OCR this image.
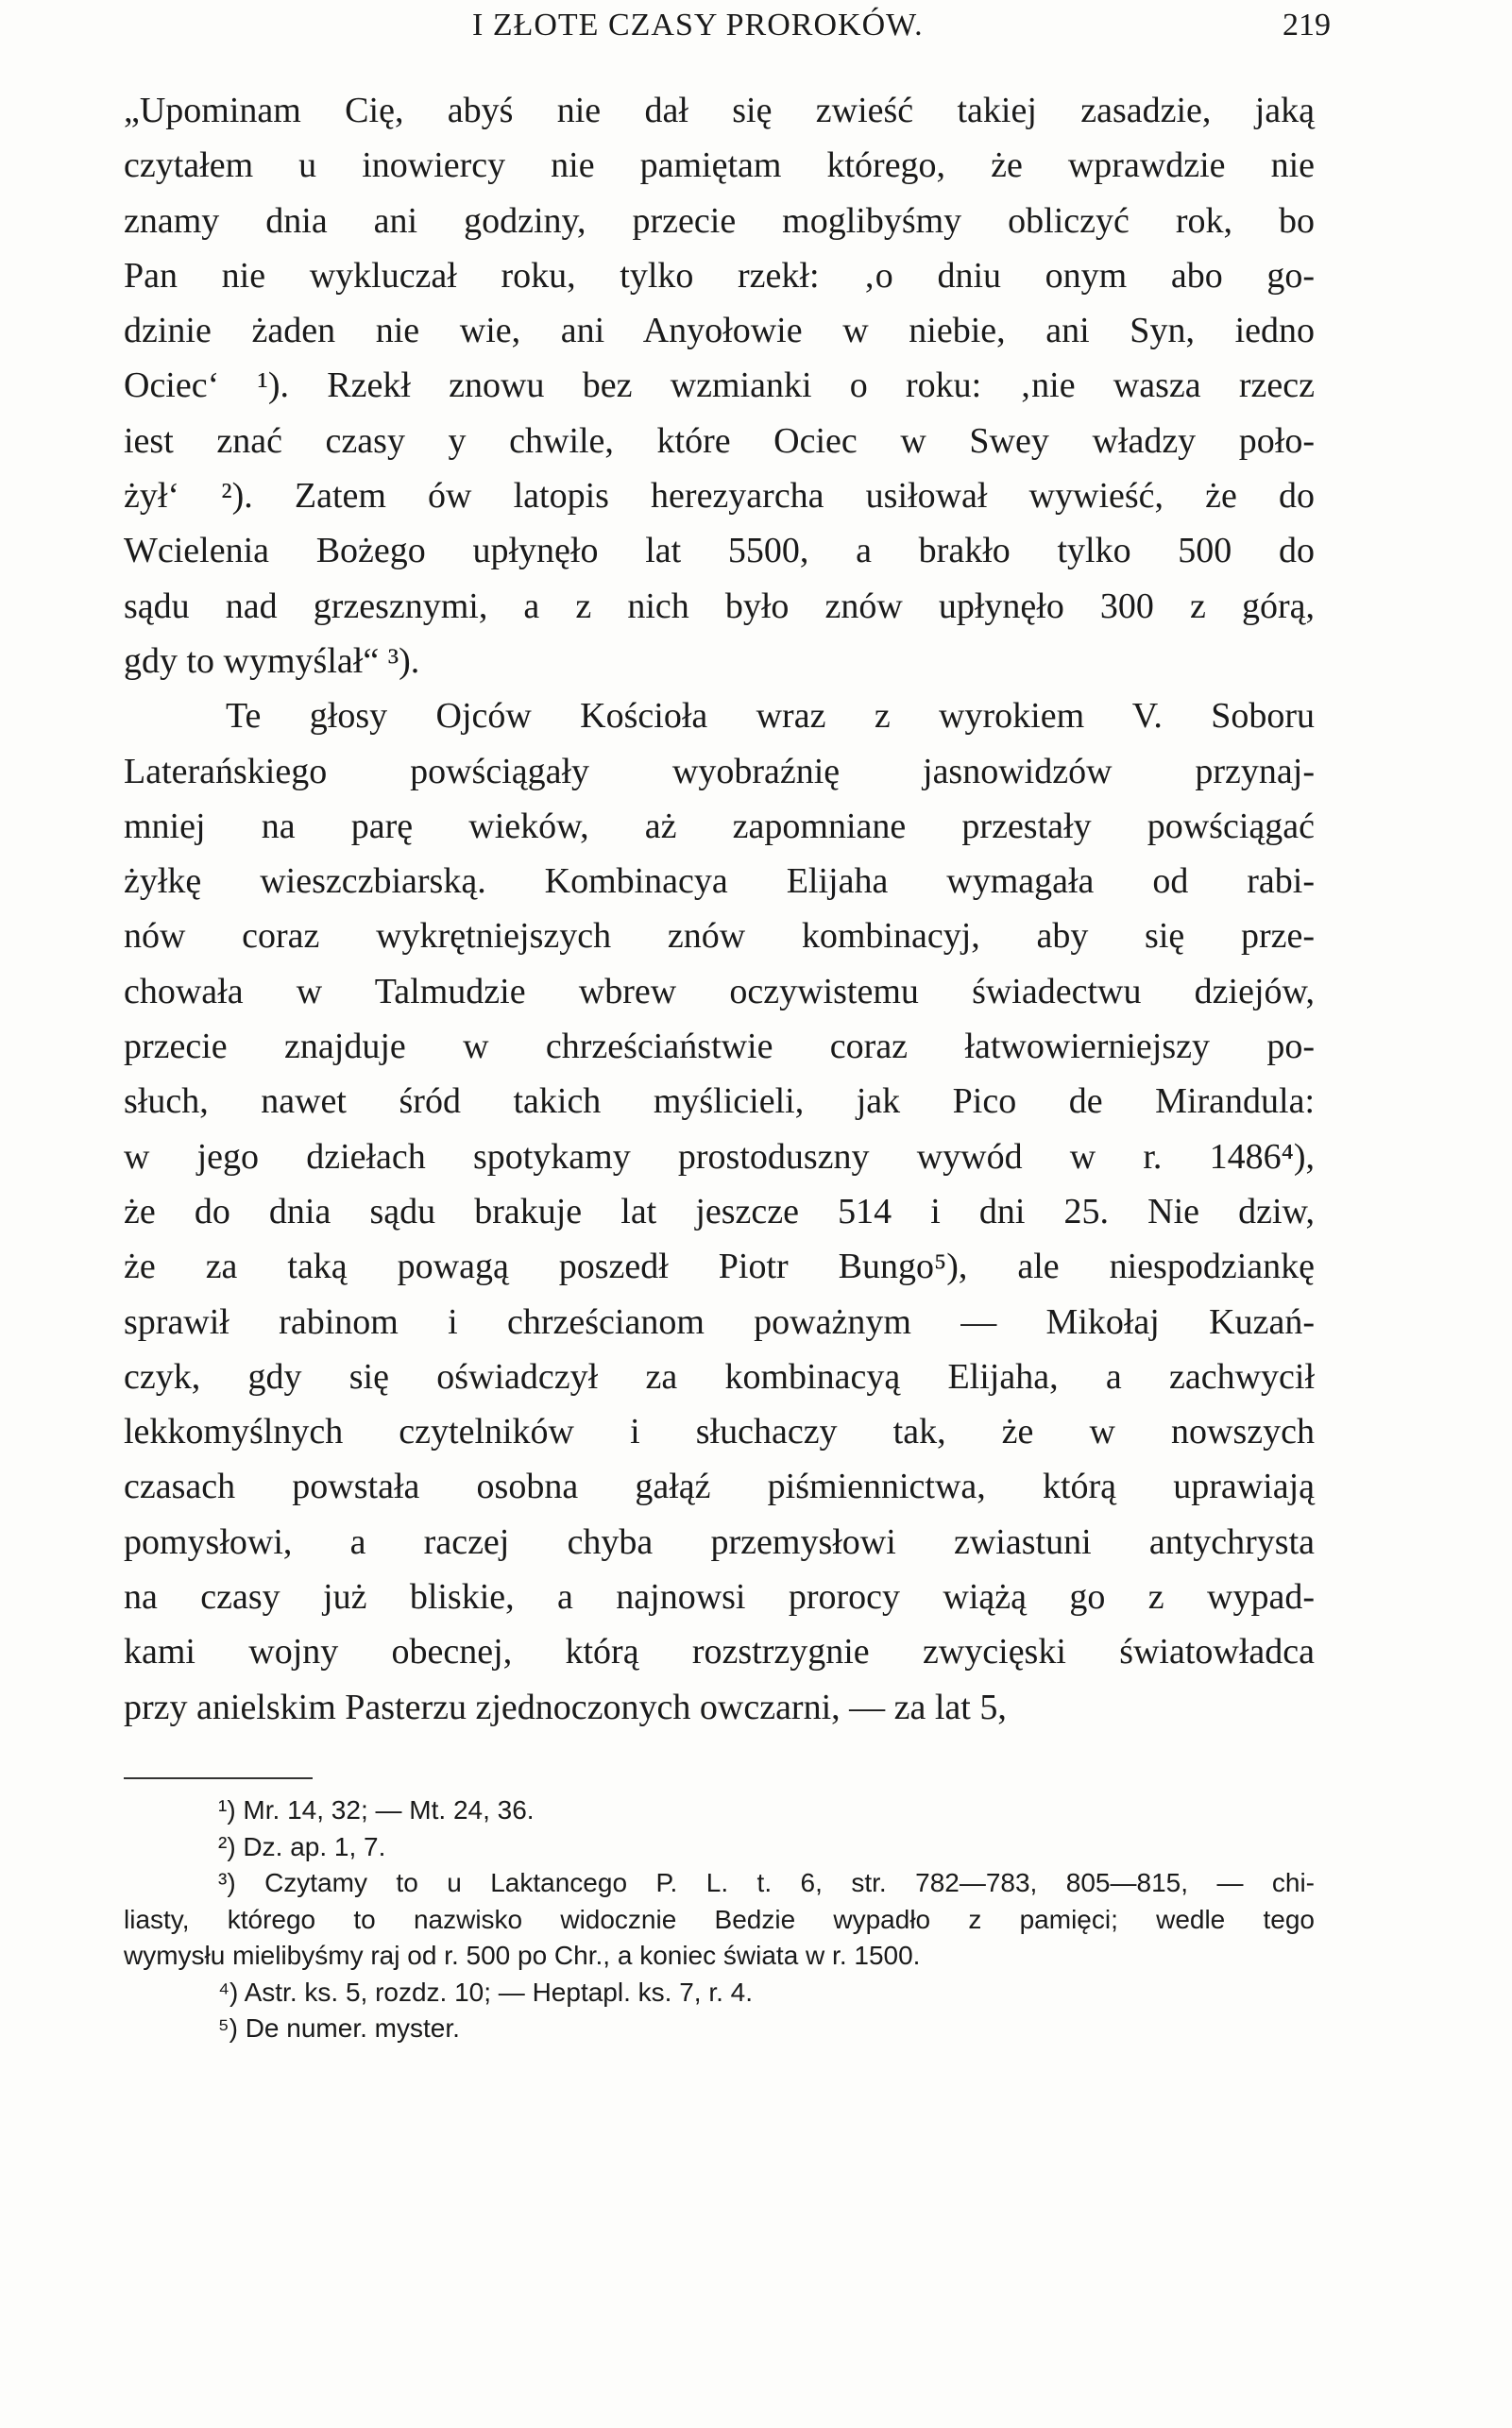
I ZŁOTE CZASY PROROKÓW.	219
„Upominam Cię, abyś nie dał się zwieść takiej zasadzie, jaką
czytałem u inowiercy nie pamiętam którego, że wprawdzie nie
znamy dnia ani godziny, przecie moglibyśmy obliczyć rok, bo
Pan nie wykluczał roku, tylko rzekł: ‚o dniu onym abo go-
dzinie żaden nie wie, ani Anyołowie w niebie, ani Syn, iedno
Ociec‘ ¹). Rzekł znowu bez wzmianki o roku: ‚nie wasza rzecz
iest znać czasy y chwile, które Ociec w Swey władzy poło-
żył‘ ²). Zatem ów latopis herezyarcha usiłował wywieść, że do
Wcielenia Bożego upłynęło lat 5500, a brakło tylko 500 do
sądu nad grzesznymi, a z nich było znów upłynęło 300 z górą,
gdy to wymyślał“ ³).
Te głosy Ojców Kościoła wraz z wyrokiem V. Soboru
Laterańskiego powściągały wyobraźnię jasnowidzów przynaj-
mniej na parę wieków, aż zapomniane przestały powściągać
żyłkę wieszczbiarską. Kombinacya Elijaha wymagała od rabi-
nów coraz wykrętniejszych znów kombinacyj, aby się prze-
chowała w Talmudzie wbrew oczywistemu świadectwu dziejów,
przecie znajduje w chrześciaństwie coraz łatwowierniejszy po-
słuch, nawet śród takich myślicieli, jak Pico de Mirandula:
w jego dziełach spotykamy prostoduszny wywód w r. 1486⁴),
że do dnia sądu brakuje lat jeszcze 514 i dni 25. Nie dziw,
że za taką powagą poszedł Piotr Bungo⁵), ale niespodziankę
sprawił rabinom i chrześcianom poważnym — Mikołaj Kuzań-
czyk, gdy się oświadczył za kombinacyą Elijaha, a zachwycił
lekkomyślnych czytelników i słuchaczy tak, że w nowszych
czasach powstała osobna gałąź piśmiennictwa, którą uprawiają
pomysłowi, a raczej chyba przemysłowi zwiastuni antychrysta
na czasy już bliskie, a najnowsi prorocy wiążą go z wypad-
kami wojny obecnej, którą rozstrzygnie zwycięski światowładca
przy anielskim Pasterzu zjednoczonych owczarni, — za lat 5,
¹) Mr. 14, 32; — Mt. 24, 36.
²) Dz. ap. 1, 7.
³) Czytamy to u Laktancego P. L. t. 6, str. 782—783, 805—815, — chi-
liasty, którego to nazwisko widocznie Bedzie wypadło z pamięci; wedle tego
wymysłu mielibyśmy raj od r. 500 po Chr., a koniec świata w r. 1500.
⁴) Astr. ks. 5, rozdz. 10; — Heptapl. ks. 7, r. 4.
⁵) De numer. myster.
